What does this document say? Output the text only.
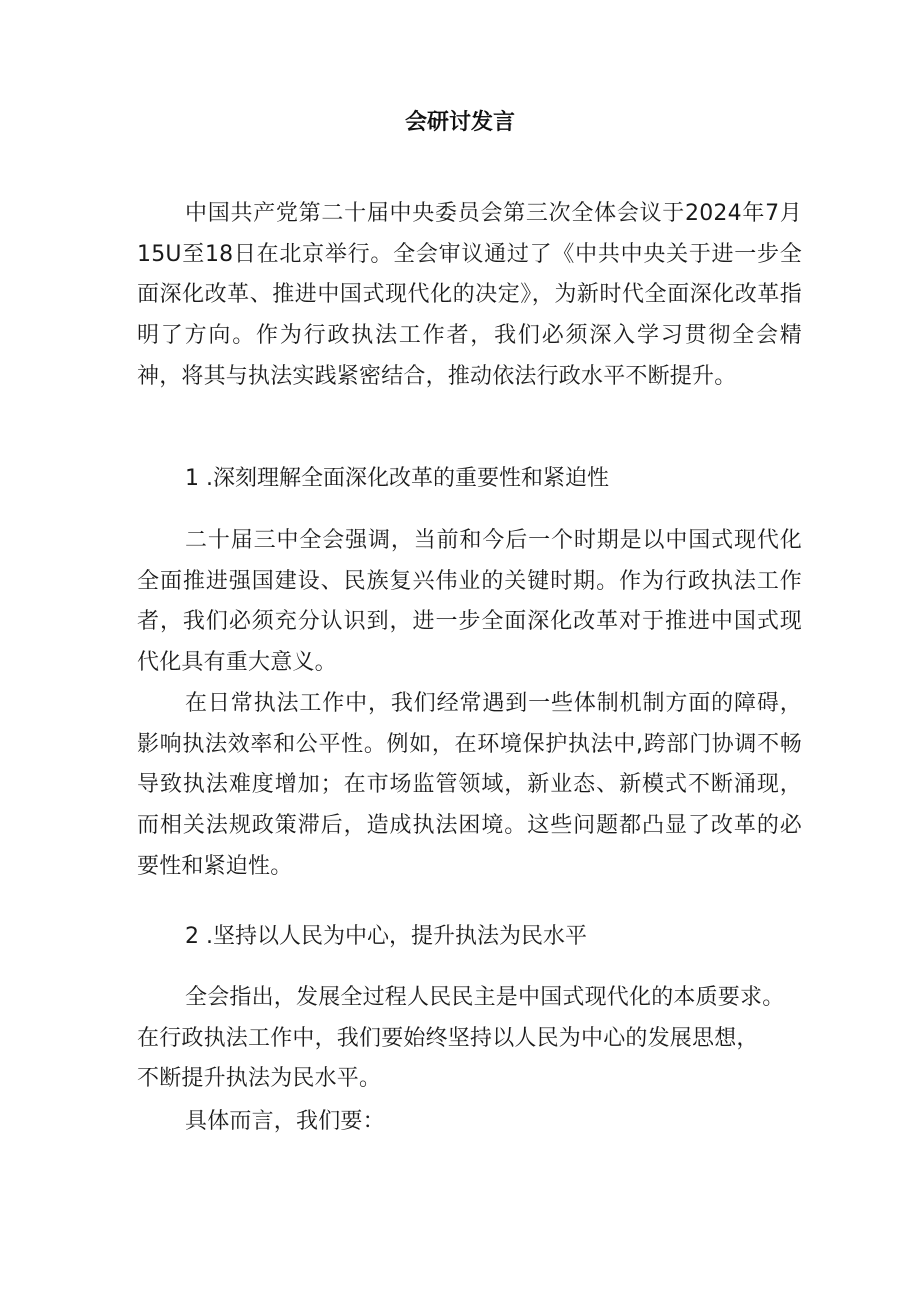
会研讨发言
中国共产党第二十届中央委员会第三次全体会议于2024年7月15U至18日在北京举行。全会审议通过了《中共中央关于进一步全面深化改革、推进中国式现代化的决定》，为新时代全面深化改革指明了方向。作为行政执法工作者，我们必须深入学习贯彻全会精神，将其与执法实践紧密结合，推动依法行政水平不断提升。
1 .深刻理解全面深化改革的重要性和紧迫性
二十届三中全会强调，当前和今后一个时期是以中国式现代化全面推进强国建设、民族复兴伟业的关键时期。作为行政执法工作者，我们必须充分认识到，进一步全面深化改革对于推进中国式现代化具有重大意义。
在日常执法工作中，我们经常遇到一些体制机制方面的障碍，影响执法效率和公平性。例如，在环境保护执法中,跨部门协调不畅导致执法难度增加；在市场监管领域，新业态、新模式不断涌现，而相关法规政策滞后，造成执法困境。这些问题都凸显了改革的必要性和紧迫性。
2 .坚持以人民为中心，提升执法为民水平
全会指出，发展全过程人民民主是中国式现代化的本质要求。
在行政执法工作中，我们要始终坚持以人民为中心的发展思想，
不断提升执法为民水平。
具体而言，我们要：
